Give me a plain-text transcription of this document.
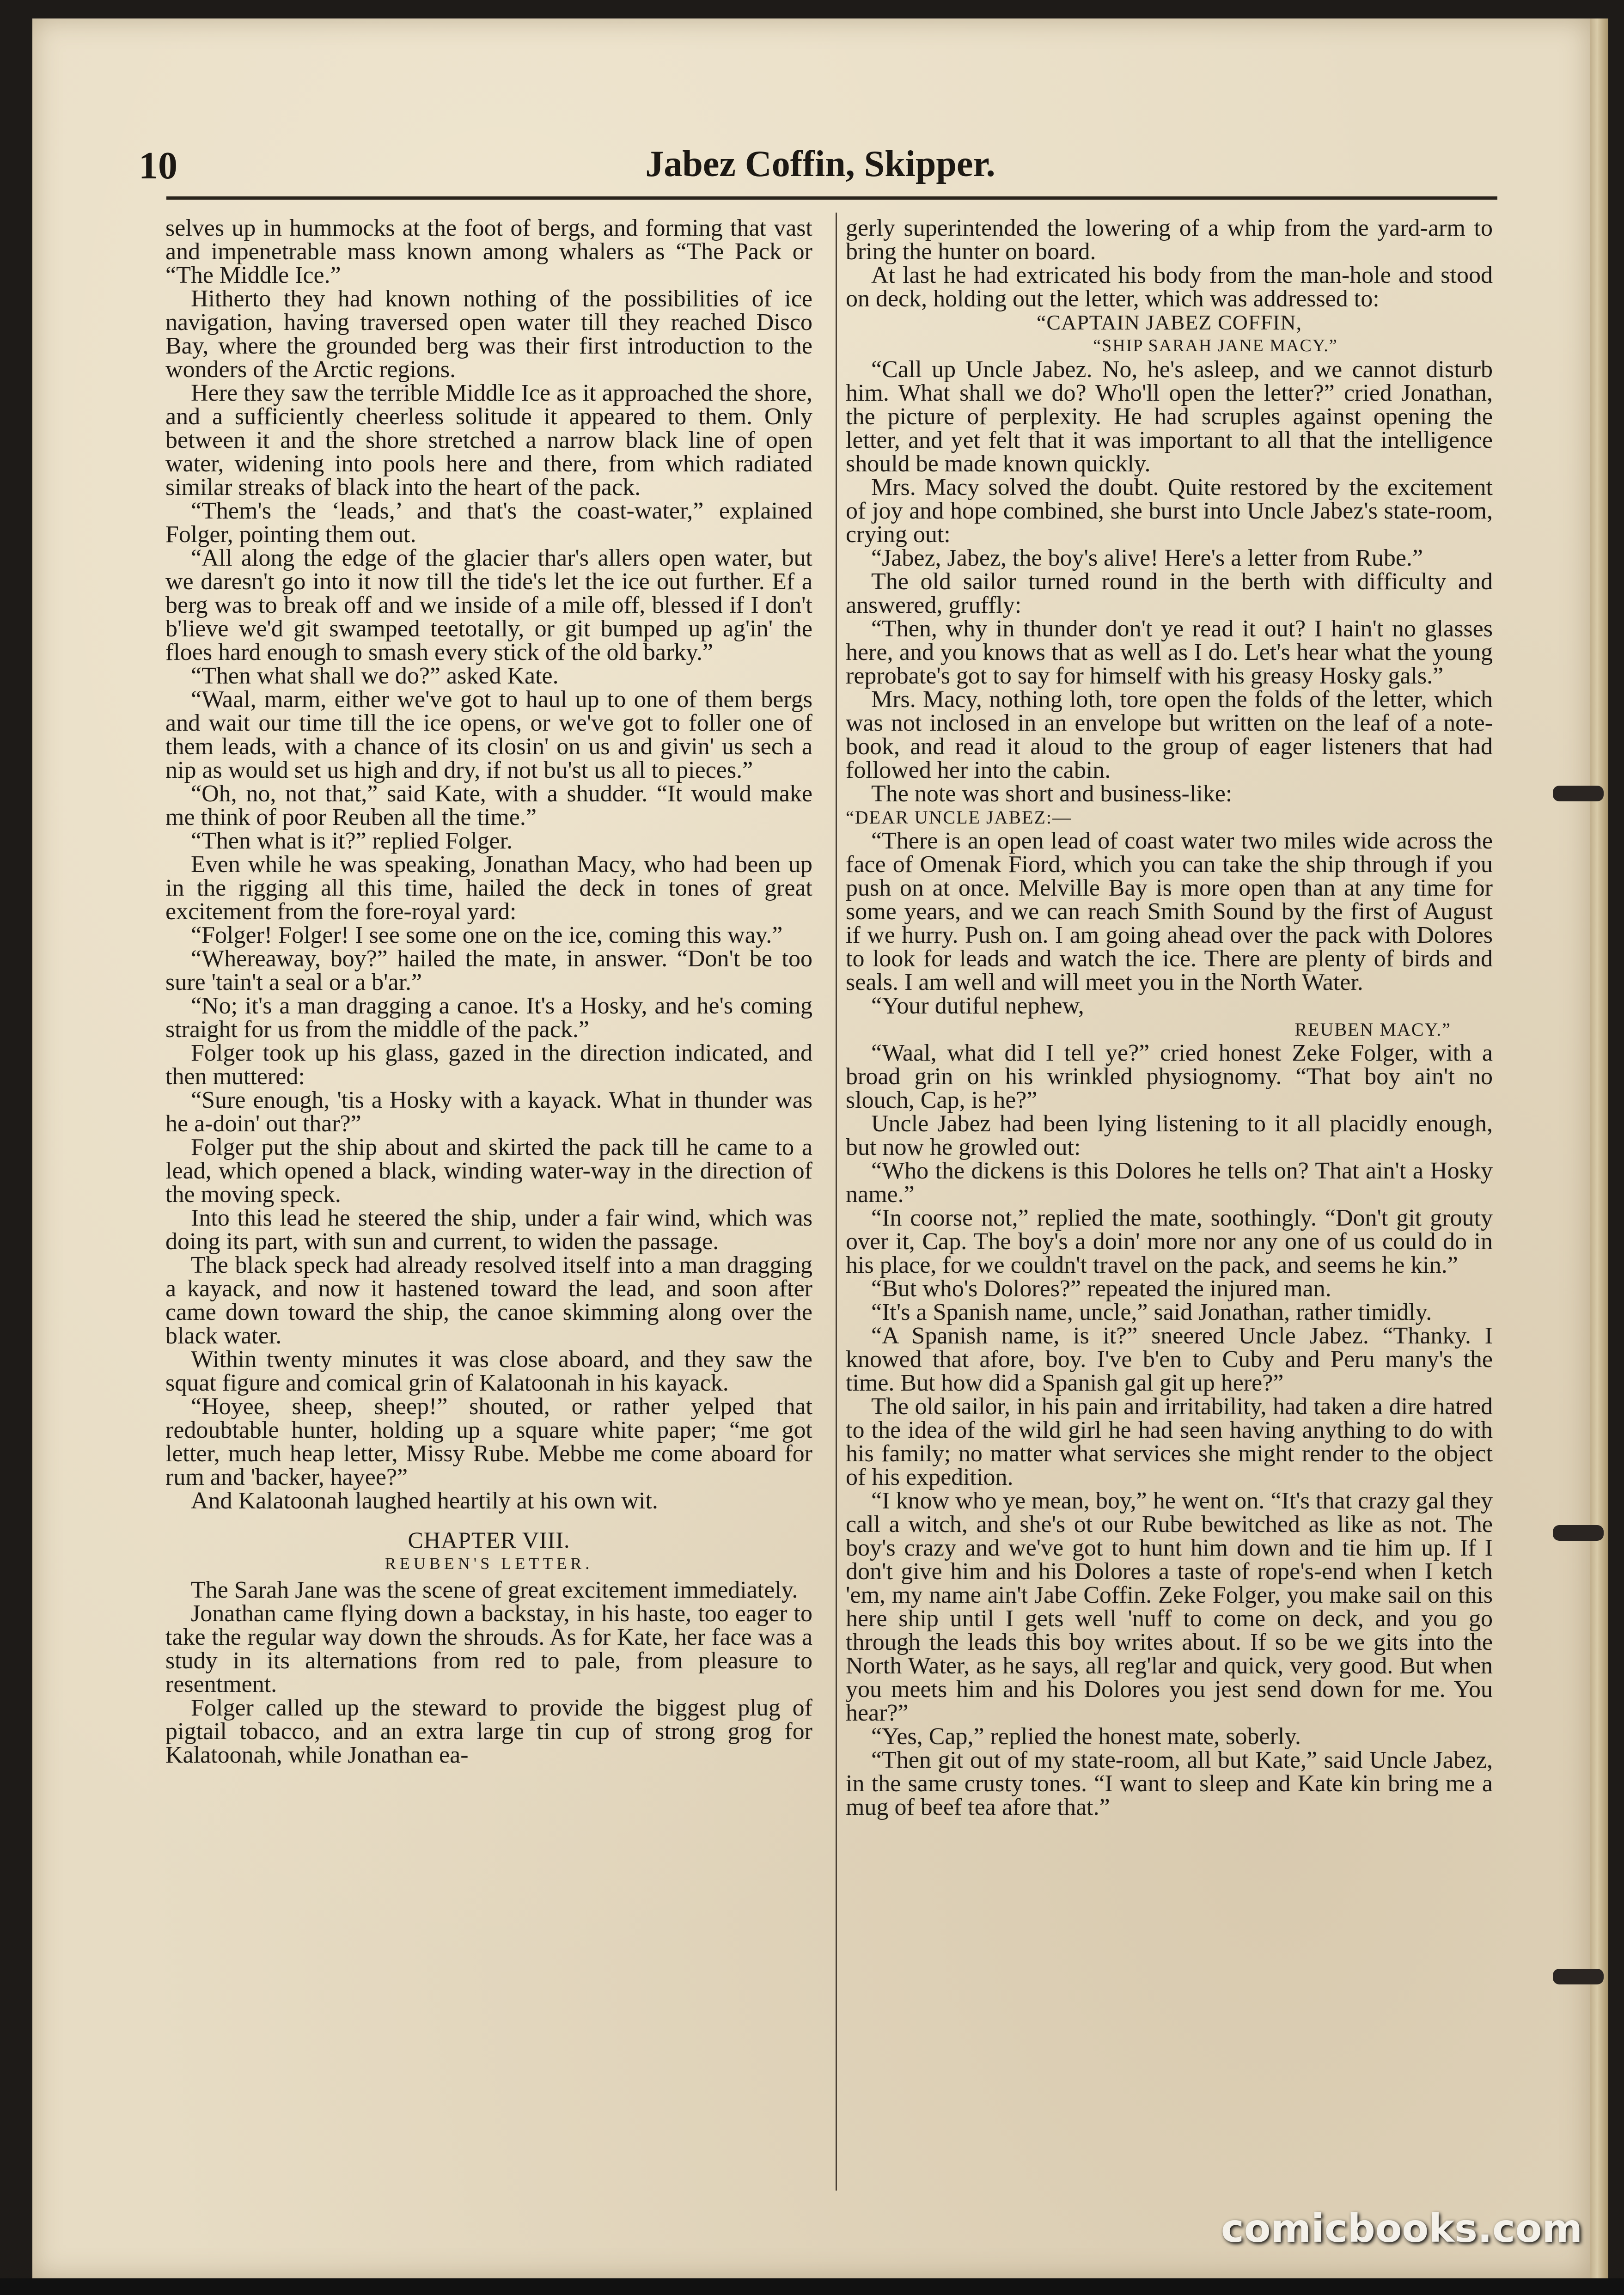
10	Jabez Coffin, Skipper.

selves up in hummocks at the foot of bergs, and forming that vast and impenetrable mass known among whalers as “The Pack or “The Middle Ice.”

Hitherto they had known nothing of the possibilities of ice navigation, having traversed open water till they reached Disco Bay, where the grounded berg was their first introduction to the wonders of the Arctic regions.

Here they saw the terrible Middle Ice as it approached the shore, and a sufficiently cheerless solitude it appeared to them. Only between it and the shore stretched a narrow black line of open water, widening into pools here and there, from which radiated similar streaks of black into the heart of the pack.

“Them's the ‘leads,’ and that's the coast-water,” explained Folger, pointing them out.

“All along the edge of the glacier thar's allers open water, but we daresn't go into it now till the tide's let the ice out further. Ef a berg was to break off and we inside of a mile off, blessed if I don't b'lieve we'd git swamped teetotally, or git bumped up ag'in' the floes hard enough to smash every stick of the old barky.”

“Then what shall we do?” asked Kate.

“Waal, marm, either we've got to haul up to one of them bergs and wait our time till the ice opens, or we've got to foller one of them leads, with a chance of its closin' on us and givin' us sech a nip as would set us high and dry, if not bu'st us all to pieces.”

“Oh, no, not that,” said Kate, with a shudder. “It would make me think of poor Reuben all the time.”

“Then what is it?” replied Folger.

Even while he was speaking, Jonathan Macy, who had been up in the rigging all this time, hailed the deck in tones of great excitement from the fore-royal yard:

“Folger! Folger! I see some one on the ice, coming this way.”

“Whereaway, boy?” hailed the mate, in answer. “Don't be too sure 'tain't a seal or a b'ar.”

“No; it's a man dragging a canoe. It's a Hosky, and he's coming straight for us from the middle of the pack.”

Folger took up his glass, gazed in the direction indicated, and then muttered:

“Sure enough, 'tis a Hosky with a kayack. What in thunder was he a-doin' out thar?”

Folger put the ship about and skirted the pack till he came to a lead, which opened a black, winding water-way in the direction of the moving speck.

Into this lead he steered the ship, under a fair wind, which was doing its part, with sun and current, to widen the passage.

The black speck had already resolved itself into a man dragging a kayack, and now it hastened toward the lead, and soon after came down toward the ship, the canoe skimming along over the black water.

Within twenty minutes it was close aboard, and they saw the squat figure and comical grin of Kalatoonah in his kayack.

“Hoyee, sheep, sheep!” shouted, or rather yelped that redoubtable hunter, holding up a square white paper; “me got letter, much heap letter, Missy Rube. Mebbe me come aboard for rum and 'backer, hayee?”

And Kalatoonah laughed heartily at his own wit.

CHAPTER VIII.
REUBEN'S LETTER.

The Sarah Jane was the scene of great excitement immediately.

Jonathan came flying down a backstay, in his haste, too eager to take the regular way down the shrouds. As for Kate, her face was a study in its alternations from red to pale, from pleasure to resentment.

Folger called up the steward to provide the biggest plug of pigtail tobacco, and an extra large tin cup of strong grog for Kalatoonah, while Jonathan ea-

gerly superintended the lowering of a whip from the yard-arm to bring the hunter on board.

At last he had extricated his body from the man-hole and stood on deck, holding out the letter, which was addressed to:

“CAPTAIN JABEZ COFFIN,
“SHIP SARAH JANE MACY.”

“Call up Uncle Jabez. No, he's asleep, and we cannot disturb him. What shall we do? Who'll open the letter?” cried Jonathan, the picture of perplexity. He had scruples against opening the letter, and yet felt that it was important to all that the intelligence should be made known quickly.

Mrs. Macy solved the doubt. Quite restored by the excitement of joy and hope combined, she burst into Uncle Jabez's state-room, crying out:

“Jabez, Jabez, the boy's alive! Here's a letter from Rube.”

The old sailor turned round in the berth with difficulty and answered, gruffly:

“Then, why in thunder don't ye read it out? I hain't no glasses here, and you knows that as well as I do. Let's hear what the young reprobate's got to say for himself with his greasy Hosky gals.”

Mrs. Macy, nothing loth, tore open the folds of the letter, which was not inclosed in an envelope but written on the leaf of a note-book, and read it aloud to the group of eager listeners that had followed her into the cabin.

The note was short and business-like:

“DEAR UNCLE JABEZ:—

“There is an open lead of coast water two miles wide across the face of Omenak Fiord, which you can take the ship through if you push on at once. Melville Bay is more open than at any time for some years, and we can reach Smith Sound by the first of August if we hurry. Push on. I am going ahead over the pack with Dolores to look for leads and watch the ice. There are plenty of birds and seals. I am well and will meet you in the North Water.

“Your dutiful nephew,

REUBEN MACY.”

“Waal, what did I tell ye?” cried honest Zeke Folger, with a broad grin on his wrinkled physiognomy. “That boy ain't no slouch, Cap, is he?”

Uncle Jabez had been lying listening to it all placidly enough, but now he growled out:

“Who the dickens is this Dolores he tells on? That ain't a Hosky name.”

“In coorse not,” replied the mate, soothingly. “Don't git grouty over it, Cap. The boy's a doin' more nor any one of us could do in his place, for we couldn't travel on the pack, and seems he kin.”

“But who's Dolores?” repeated the injured man.

“It's a Spanish name, uncle,” said Jonathan, rather timidly.

“A Spanish name, is it?” sneered Uncle Jabez. “Thanky. I knowed that afore, boy. I've b'en to Cuby and Peru many's the time. But how did a Spanish gal git up here?”

The old sailor, in his pain and irritability, had taken a dire hatred to the idea of the wild girl he had seen having anything to do with his family; no matter what services she might render to the object of his expedition.

“I know who ye mean, boy,” he went on. “It's that crazy gal they call a witch, and she's ot our Rube bewitched as like as not. The boy's crazy and we've got to hunt him down and tie him up. If I don't give him and his Dolores a taste of rope's-end when I ketch 'em, my name ain't Jabe Coffin. Zeke Folger, you make sail on this here ship until I gets well 'nuff to come on deck, and you go through the leads this boy writes about. If so be we gits into the North Water, as he says, all reg'lar and quick, very good. But when you meets him and his Dolores you jest send down for me. You hear?”

“Yes, Cap,” replied the honest mate, soberly.

“Then git out of my state-room, all but Kate,” said Uncle Jabez, in the same crusty tones. “I want to sleep and Kate kin bring me a mug of beef tea afore that.”

comicbooks.com
